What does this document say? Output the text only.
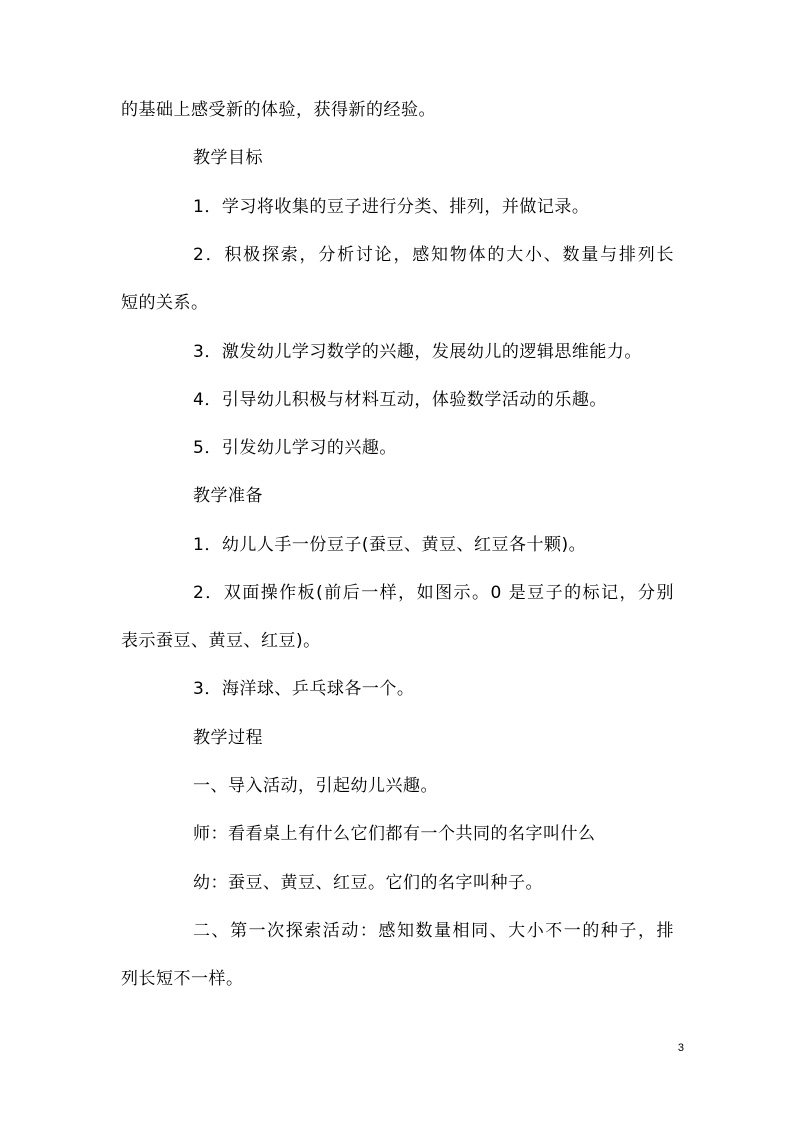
的基础上感受新的体验，获得新的经验。
教学目标
1．学习将收集的豆子进行分类、排列，并做记录。
2．积极探索，分析讨论，感知物体的大小、数量与排列长
短的关系。
3．激发幼儿学习数学的兴趣，发展幼儿的逻辑思维能力。
4．引导幼儿积极与材料互动，体验数学活动的乐趣。
5．引发幼儿学习的兴趣。
教学准备
1．幼儿人手一份豆子(蚕豆、黄豆、红豆各十颗)。
2．双面操作板(前后一样，如图示。0 是豆子的标记，分别
表示蚕豆、黄豆、红豆)。
3．海洋球、乒乓球各一个。
教学过程
一、导入活动，引起幼儿兴趣。
师：看看桌上有什么它们都有一个共同的名字叫什么
幼：蚕豆、黄豆、红豆。它们的名字叫种子。
二、第一次探索活动：感知数量相同、大小不一的种子，排
列长短不一样。
3
